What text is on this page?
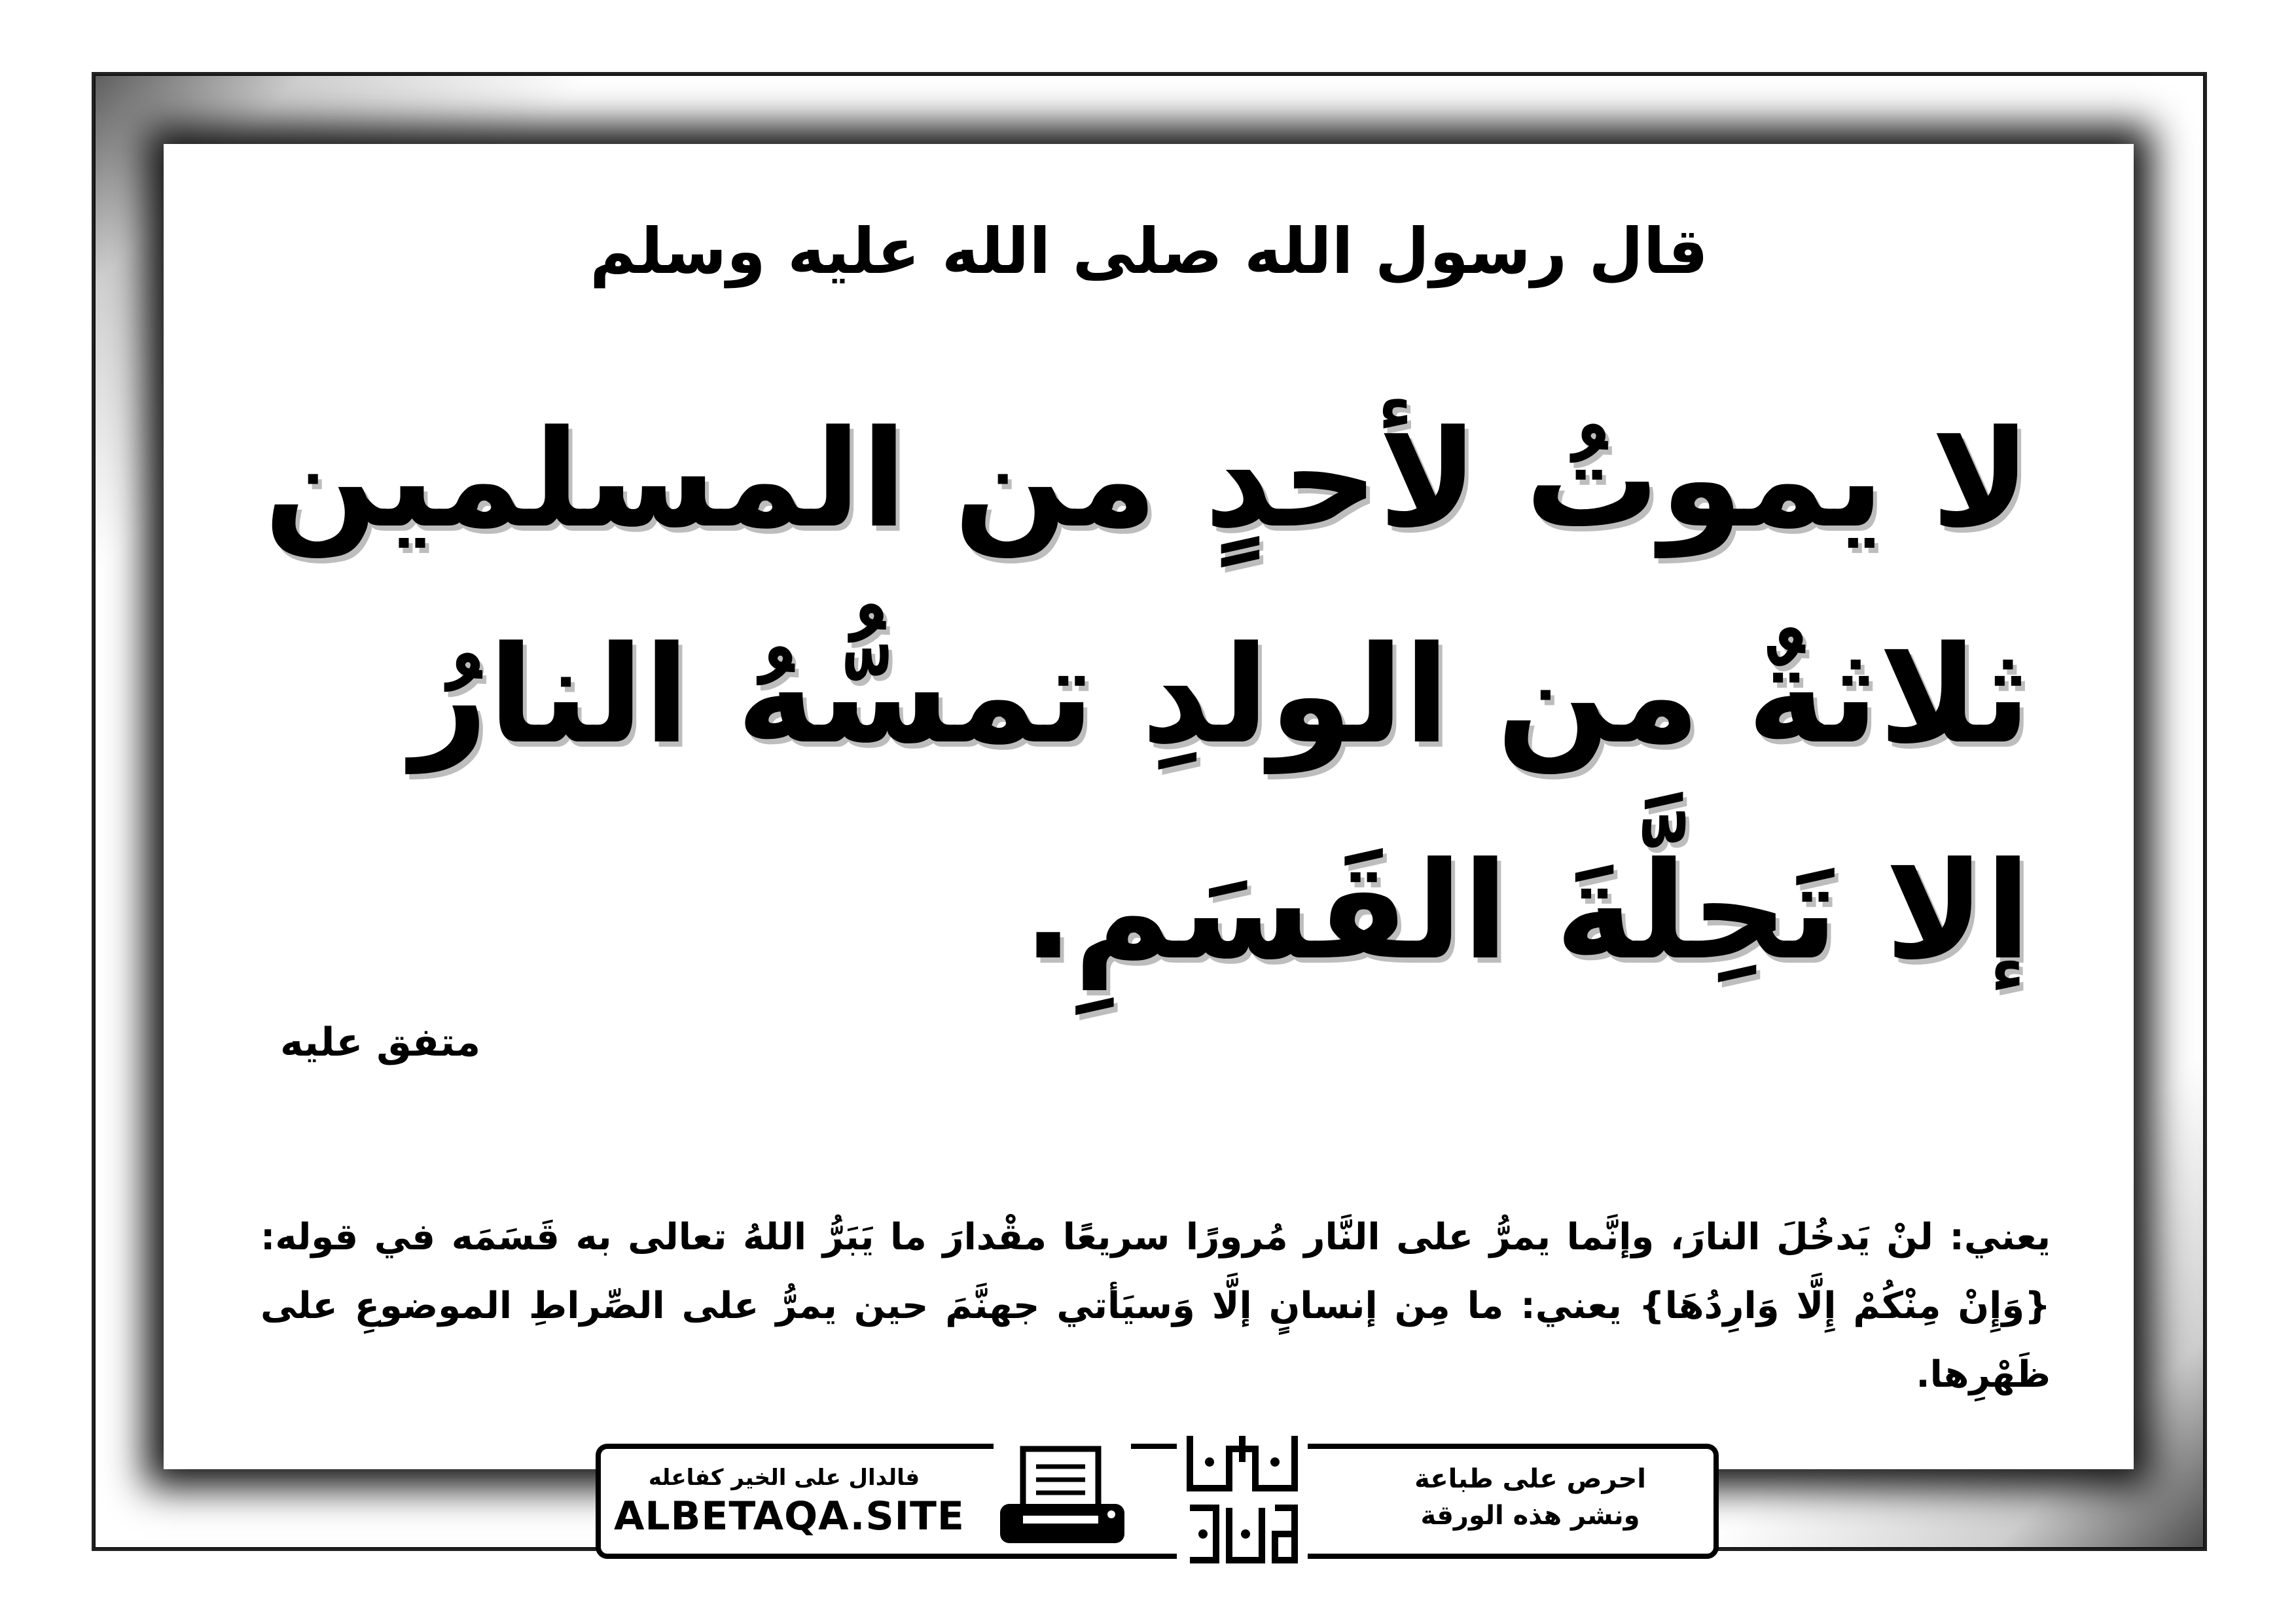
قال رسول الله صلى الله عليه وسلم
لا يموتُ لأحدٍ من المسلمين
ثلاثةٌ من الولدِ تمسُّهُ النارُ
إلا تَحِلَّةَ القَسَمِ.
متفق عليه
يعني: لنْ يَدخُلَ النارَ، وإنَّما يمرُّ على النَّار مُرورًا سريعًا مقْدارَ ما يَبَرُّ اللهُ تعالى به قَسَمَه في قوله: {وَإِنْ مِنْكُمْ إِلَّا وَارِدُهَا} يعني: ما مِن إنسانٍ إلَّا وَسيَأتي جهنَّمَ حين يمرُّ على الصِّراطِ الموضوعِ على ظَهْرِها.
فالدال على الخير كفاعله
ALBETAQA.SITE
احرص على طباعة
ونشر هذه الورقة
